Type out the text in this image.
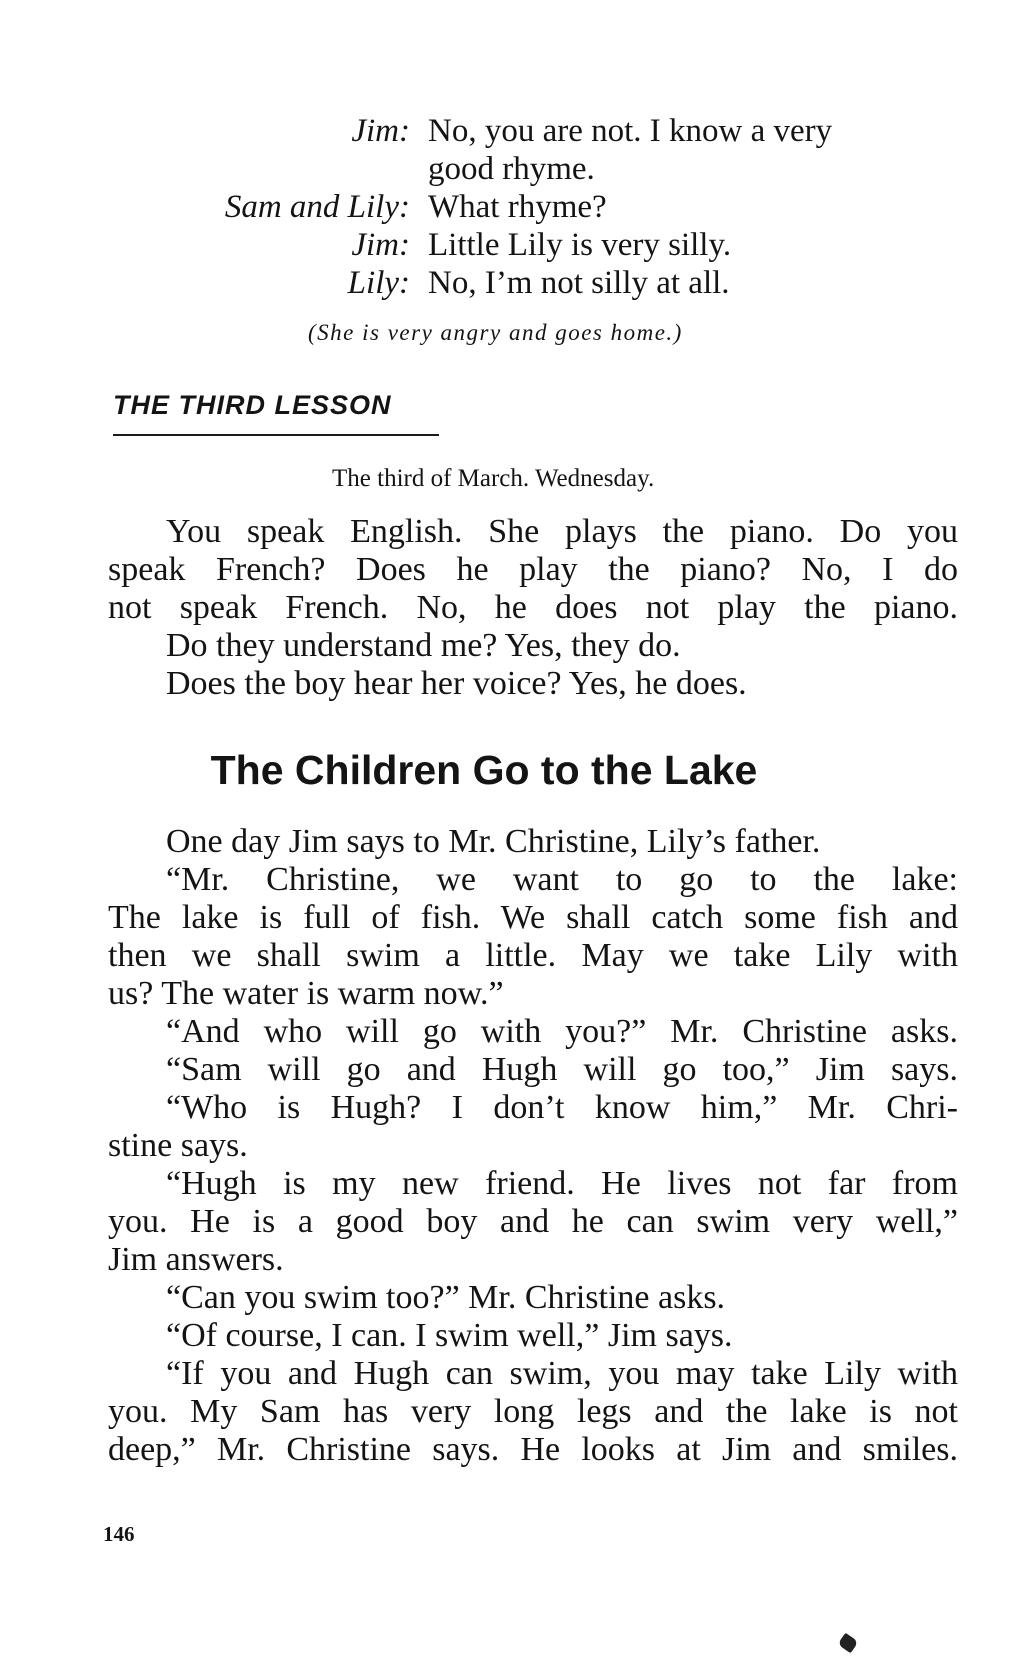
Jim: No, you are not. I know a very
good rhyme.
Sam and Lily: What rhyme?
Jim: Little Lily is very silly.
Lily: No, I’m not silly at all.
(She is very angry and goes home.)
THE THIRD LESSON
The third of March. Wednesday.
You speak English. She plays the piano. Do you
speak French? Does he play the piano? No, I do
not speak French. No, he does not play the piano.
Do they understand me? Yes, they do.
Does the boy hear her voice? Yes, he does.
The Children Go to the Lake
One day Jim says to Mr. Christine, Lily’s father.
“Mr. Christine, we want to go to the lake:
The lake is full of fish. We shall catch some fish and
then we shall swim a little. May we take Lily with
us? The water is warm now.”
“And who will go with you?” Mr. Christine asks.
“Sam will go and Hugh will go too,” Jim says.
“Who is Hugh? I don’t know him,” Mr. Chri-
stine says.
“Hugh is my new friend. He lives not far from
you. He is a good boy and he can swim very well,”
Jim answers.
“Can you swim too?” Mr. Christine asks.
“Of course, I can. I swim well,” Jim says.
“If you and Hugh can swim, you may take Lily with
you. My Sam has very long legs and the lake is not
deep,” Mr. Christine says. He looks at Jim and smiles.
146
